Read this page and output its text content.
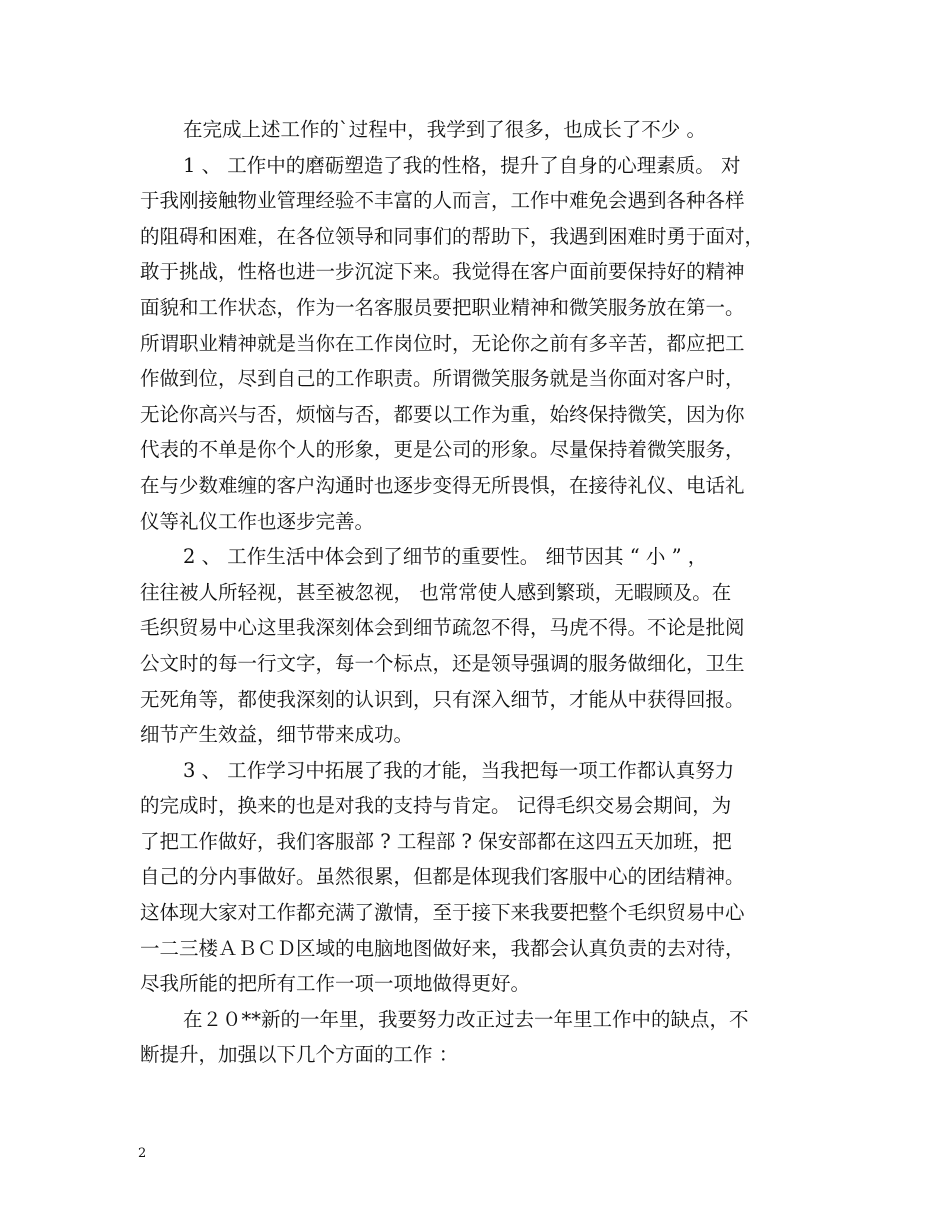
在完成上述工作的`过程中，我学到了很多，也成长了不少 。
1 、 工作中的磨砺塑造了我的性格，提升了自身的心理素质。 对
于我刚接触物业管理经验不丰富的人而言，工作中难免会遇到各种各样
的阻碍和困难，在各位领导和同事们的帮助下，我遇到困难时勇于面对，
敢于挑战，性格也进一步沉淀下来。我觉得在客户面前要保持好的精神
面貌和工作状态，作为一名客服员要把职业精神和微笑服务放在第一。
所谓职业精神就是当你在工作岗位时，无论你之前有多辛苦，都应把工
作做到位，尽到自己的工作职责。所谓微笑服务就是当你面对客户时，
无论你高兴与否，烦恼与否，都要以工作为重，始终保持微笑，因为你
代表的不单是你个人的形象，更是公司的形象。尽量保持着微笑服务，
在与少数难缠的客户沟通时也逐步变得无所畏惧，在接待礼仪、电话礼
仪等礼仪工作也逐步完善。
2 、 工作生活中体会到了细节的重要性。 细节因其 “ 小 ” ，
往往被人所轻视，甚至被忽视， 也常常使人感到繁琐，无暇顾及。在
毛织贸易中心这里我深刻体会到细节疏忽不得，马虎不得。不论是批阅
公文时的每一行文字，每一个标点，还是领导强调的服务做细化，卫生
无死角等，都使我深刻的认识到，只有深入细节，才能从中获得回报。
细节产生效益，细节带来成功。
3 、 工作学习中拓展了我的才能，当我把每一项工作都认真努力
的完成时，换来的也是对我的支持与肯定。 记得毛织交易会期间，为
了把工作做好，我们客服部 ? 工程部 ? 保安部都在这四五天加班，把
自己的分内事做好。虽然很累，但都是体现我们客服中心的团结精神。
这体现大家对工作都充满了激情，至于接下来我要把整个毛织贸易中心
一二三楼ＡＢＣＤ区域的电脑地图做好来，我都会认真负责的去对待，
尽我所能的把所有工作一项一项地做得更好。
在２０**新的一年里，我要努力改正过去一年里工作中的缺点，不
断提升，加强以下几个方面的工作 ：
2
